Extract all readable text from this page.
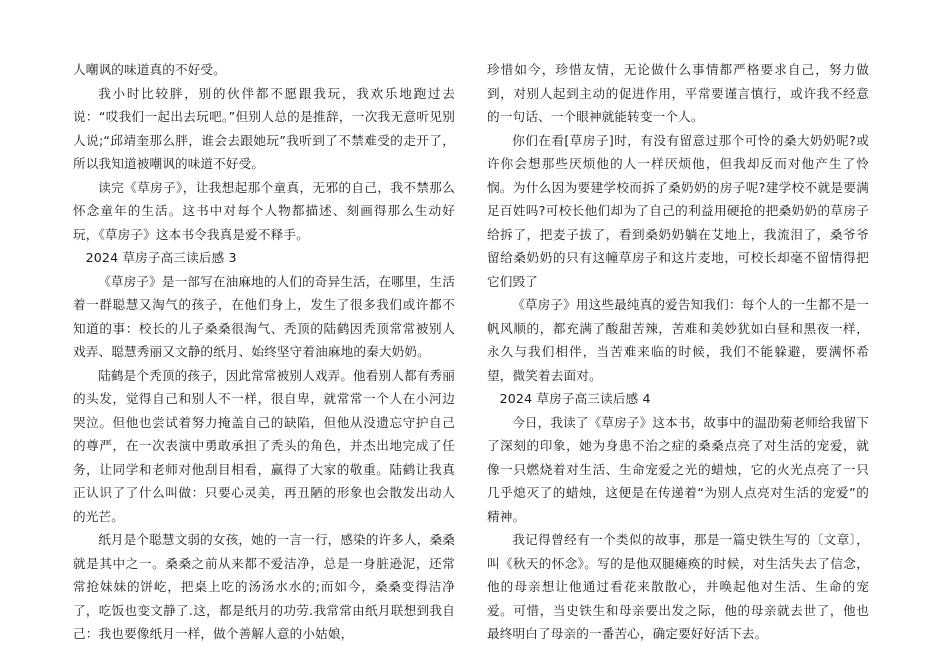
人嘲讽的味道真的不好受。

我小时比较胖，别的伙伴都不愿跟我玩，我欢乐地跑过去说：“哎我们一起出去玩吧。”但别人总的是推辞，一次我无意听见别人说;“邱靖奎那么胖，谁会去跟她玩”我听到了不禁难受的走开了，所以我知道被嘲讽的味道不好受。

读完《草房子》，让我想起那个童真，无邪的自己，我不禁那么怀念童年的生活。这书中对每个人物都描述、刻画得那么生动好玩，《草房子》这本书令我真是爱不释手。

2024 草房子高三读后感 3

《草房子》是一部写在油麻地的人们的奇异生活，在哪里，生活着一群聪慧又淘气的孩子，在他们身上，发生了很多我们或许都不知道的事：校长的儿子桑桑很淘气、秃顶的陆鹤因秃顶常常被别人戏弄、聪慧秀丽又文静的纸月、始终坚守着油麻地的秦大奶奶。

陆鹤是个秃顶的孩子，因此常常被别人戏弄。他看别人都有秀丽的头发，觉得自己和别人不一样，很自卑，就常常一个人在小河边哭泣。但他也尝试着努力掩盖自己的缺陷，但他从没遗忘守护自己的尊严，在一次表演中勇敢承担了秃头的角色，并杰出地完成了任务，让同学和老师对他刮目相看，赢得了大家的敬重。陆鹤让我真正认识了了什么叫做：只要心灵美，再丑陋的形象也会散发出动人的光芒。

纸月是个聪慧文弱的女孩，她的一言一行，感染的许多人，桑桑就是其中之一。桑桑之前从来都不爱洁净，总是一身脏逊泥，还常常抢妹妹的饼屹，把桌上吃的汤汤水水的;而如今，桑桑变得洁净了，吃饭也变文静了.这，都是纸月的功劳.我常常由纸月联想到我自己：我也要像纸月一样，做个善解人意的小姑娘，

珍惜如今，珍惜友情，无论做什么事情都严格要求自己，努力做到，对别人起到主动的促进作用，平常要谨言慎行，或许我不经意的一句话、一个眼神就能转变一个人。

你们在看[草房子]时，有没有留意过那个可怜的桑大奶奶呢?或许你会想那些厌烦他的人一样厌烦他，但我却反而对他产生了怜悯。为什么因为要建学校而拆了桑奶奶的房子呢?建学校不就是要满足百姓吗?可校长他们却为了自己的利益用硬抢的把桑奶奶的草房子给拆了，把麦子拔了，看到桑奶奶躺在艾地上，我流泪了，桑爷爷留给桑奶奶的只有这幢草房子和这片麦地，可校长却毫不留情得把它们毁了

《草房子》用这些最纯真的爱告知我们：每个人的一生都不是一帆风顺的，都充满了酸甜苦辣，苦难和美妙犹如白昼和黑夜一样，永久与我们相伴，当苦难来临的时候，我们不能躲避，要满怀希望，微笑着去面对。

2024 草房子高三读后感 4

今日，我读了《草房子》这本书，故事中的温劭菊老师给我留下了深刻的印象，她为身患不治之症的桑桑点亮了对生活的宠爱，就像一只燃烧着对生活、生命宠爱之光的蜡烛，它的火光点亮了一只几乎熄灭了的蜡烛，这便是在传递着“为别人点亮对生活的宠爱”的精神。

我记得曾经有一个类似的故事，那是一篇史铁生写的〔文章〕，叫《秋天的怀念》。写的是他双腿瘫痪的时候，对生活失去了信念，他的母亲想让他通过看花来散散心，并唤起他对生活、生命的宠爱。可惜，当史铁生和母亲要出发之际，他的母亲就去世了，他也最终明白了母亲的一番苦心，确定要好好活下去。
